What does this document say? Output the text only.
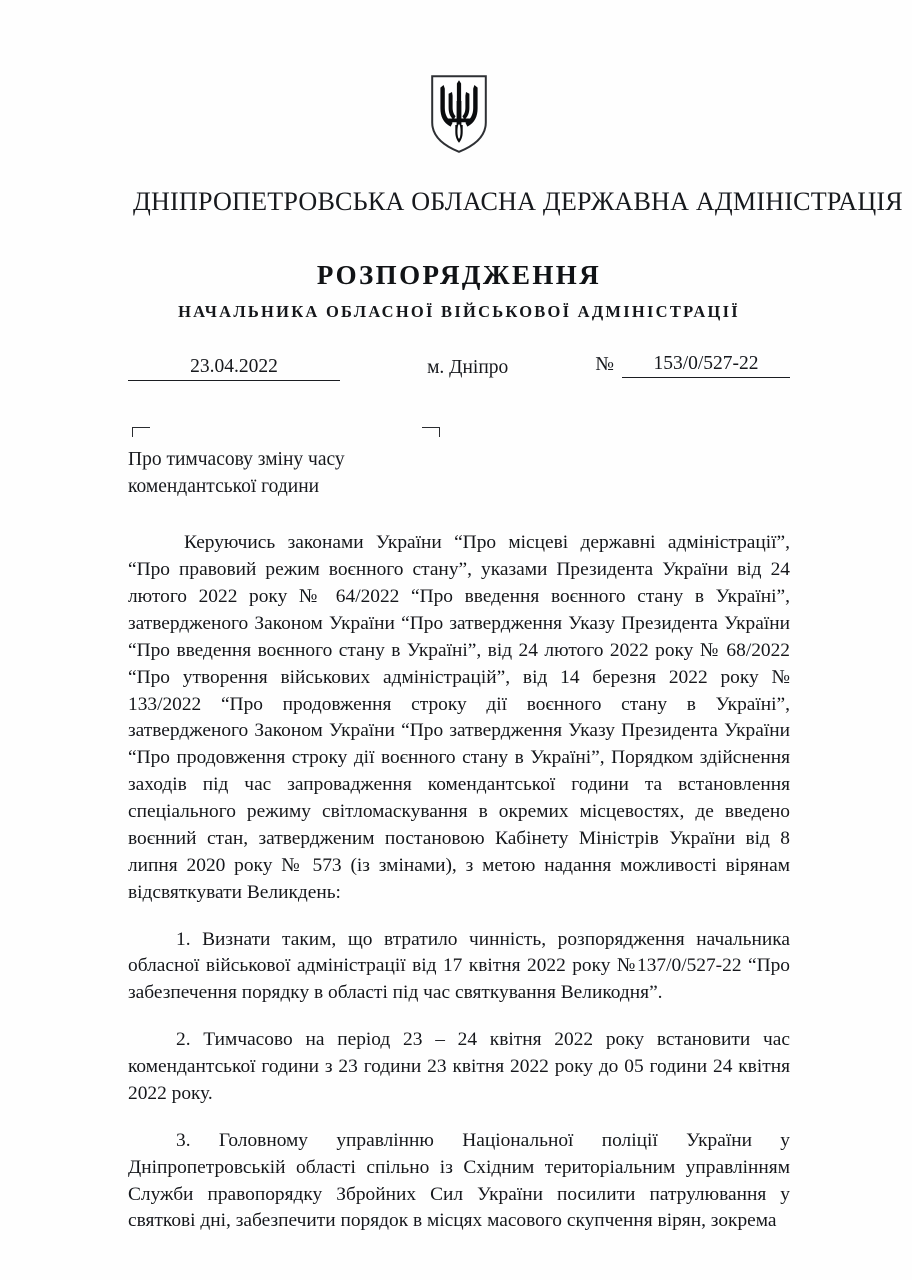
ДНІПРОПЕТРОВСЬКА ОБЛАСНА ДЕРЖАВНА АДМІНІСТРАЦІЯ
РОЗПОРЯДЖЕННЯ
НАЧАЛЬНИКА ОБЛАСНОЇ ВІЙСЬКОВОЇ АДМІНІСТРАЦІЇ
23.04.2022	м. Дніпро	№	153/0/527-22
Про тимчасову зміну часу
комендантської години

Керуючись законами України “Про місцеві державні адміністрації”, “Про правовий режим воєнного стану”, указами Президента України від 24 лютого 2022 року № 64/2022 “Про введення воєнного стану в Україні”, затвердженого Законом України “Про затвердження Указу Президента України “Про введення воєнного стану в Україні”, від 24 лютого 2022 року № 68/2022 “Про утворення військових адміністрацій”, від 14 березня 2022 року № 133/2022 “Про продовження строку дії воєнного стану в Україні”, затвердженого Законом України “Про затвердження Указу Президента України “Про продовження строку дії воєнного стану в Україні”, Порядком здійснення заходів під час запровадження комендантської години та встановлення спеціального режиму світломаскування в окремих місцевостях, де введено воєнний стан, затвердженим постановою Кабінету Міністрів України від 8 липня 2020 року № 573 (із змінами), з метою надання можливості вірянам відсвяткувати Великдень:

1. Визнати таким, що втратило чинність, розпорядження начальника обласної військової адміністрації від 17 квітня 2022 року №137/0/527-22 “Про забезпечення порядку в області під час святкування Великодня”.

2. Тимчасово на період 23 – 24 квітня 2022 року встановити час комендантської години з 23 години 23 квітня 2022 року до 05 години 24 квітня 2022 року.

3. Головному управлінню Національної поліції України у Дніпропетровській області спільно із Східним територіальним управлінням Служби правопорядку Збройних Сил України посилити патрулювання у святкові дні, забезпечити порядок в місцях масового скупчення вірян, зокрема
